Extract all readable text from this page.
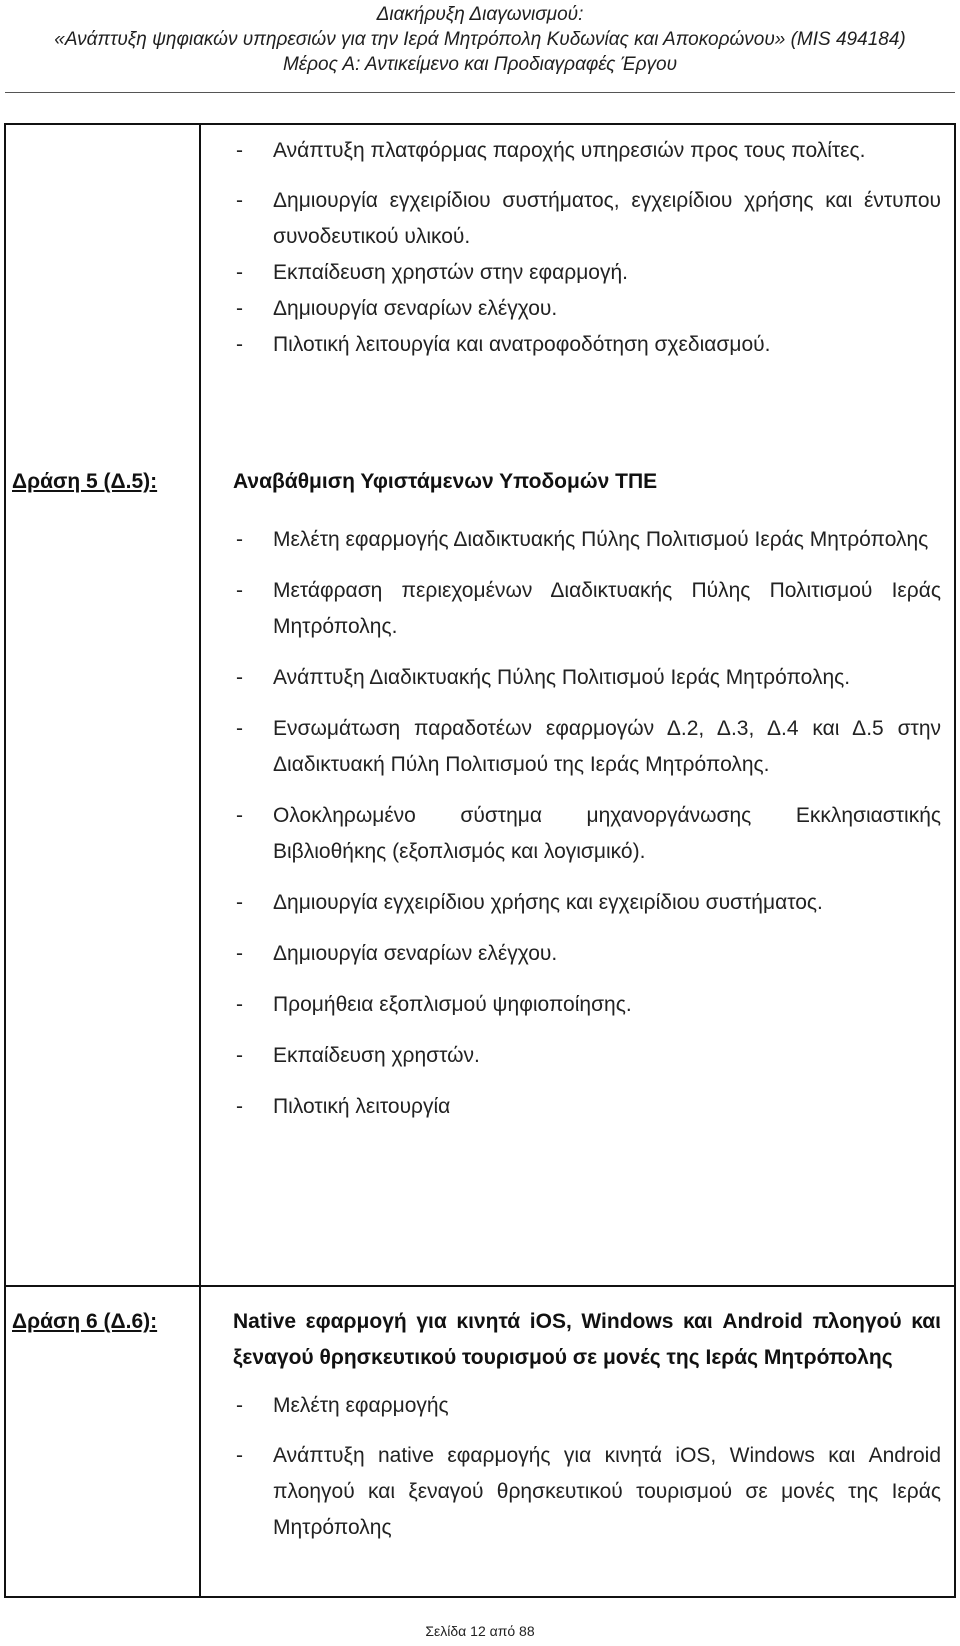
Διακήρυξη Διαγωνισμού:
«Ανάπτυξη ψηφιακών υπηρεσιών για την Ιερά Μητρόπολη Κυδωνίας και Αποκορώνου» (MIS 494184)
Μέρος Α: Αντικείμενο και Προδιαγραφές Έργου
- Ανάπτυξη πλατφόρμας παροχής υπηρεσιών προς τους πολίτες.
- Δημιουργία εγχειρίδιου συστήματος, εγχειρίδιου χρήσης και έντυπου συνοδευτικού υλικού.
- Εκπαίδευση χρηστών στην εφαρμογή.
- Δημιουργία σεναρίων ελέγχου.
- Πιλοτική λειτουργία και ανατροφοδότηση σχεδιασμού.
Δράση 5 (Δ.5):	Αναβάθμιση Υφιστάμενων Υποδομών ΤΠΕ
- Μελέτη εφαρμογής Διαδικτυακής Πύλης Πολιτισμού Ιεράς Μητρόπολης
- Μετάφραση περιεχομένων Διαδικτυακής Πύλης Πολιτισμού Ιεράς Μητρόπολης.
- Ανάπτυξη Διαδικτυακής Πύλης Πολιτισμού Ιεράς Μητρόπολης.
- Ενσωμάτωση παραδοτέων εφαρμογών Δ.2, Δ.3, Δ.4 και Δ.5 στην Διαδικτυακή Πύλη Πολιτισμού της Ιεράς Μητρόπολης.
- Ολοκληρωμένο σύστημα μηχανοργάνωσης Εκκλησιαστικής Βιβλιοθήκης (εξοπλισμός και λογισμικό).
- Δημιουργία εγχειρίδιου χρήσης και εγχειρίδιου συστήματος.
- Δημιουργία σεναρίων ελέγχου.
- Προμήθεια εξοπλισμού ψηφιοποίησης.
- Εκπαίδευση χρηστών.
- Πιλοτική λειτουργία
Δράση 6 (Δ.6):	Native εφαρμογή για κινητά iOS, Windows και Android πλοηγού και ξεναγού θρησκευτικού τουρισμού σε μονές της Ιεράς Μητρόπολης
- Μελέτη εφαρμογής
- Ανάπτυξη native εφαρμογής για κινητά iOS, Windows και Android πλοηγού και ξεναγού θρησκευτικού τουρισμού σε μονές της Ιεράς Μητρόπολης
Σελίδα 12 από 88
